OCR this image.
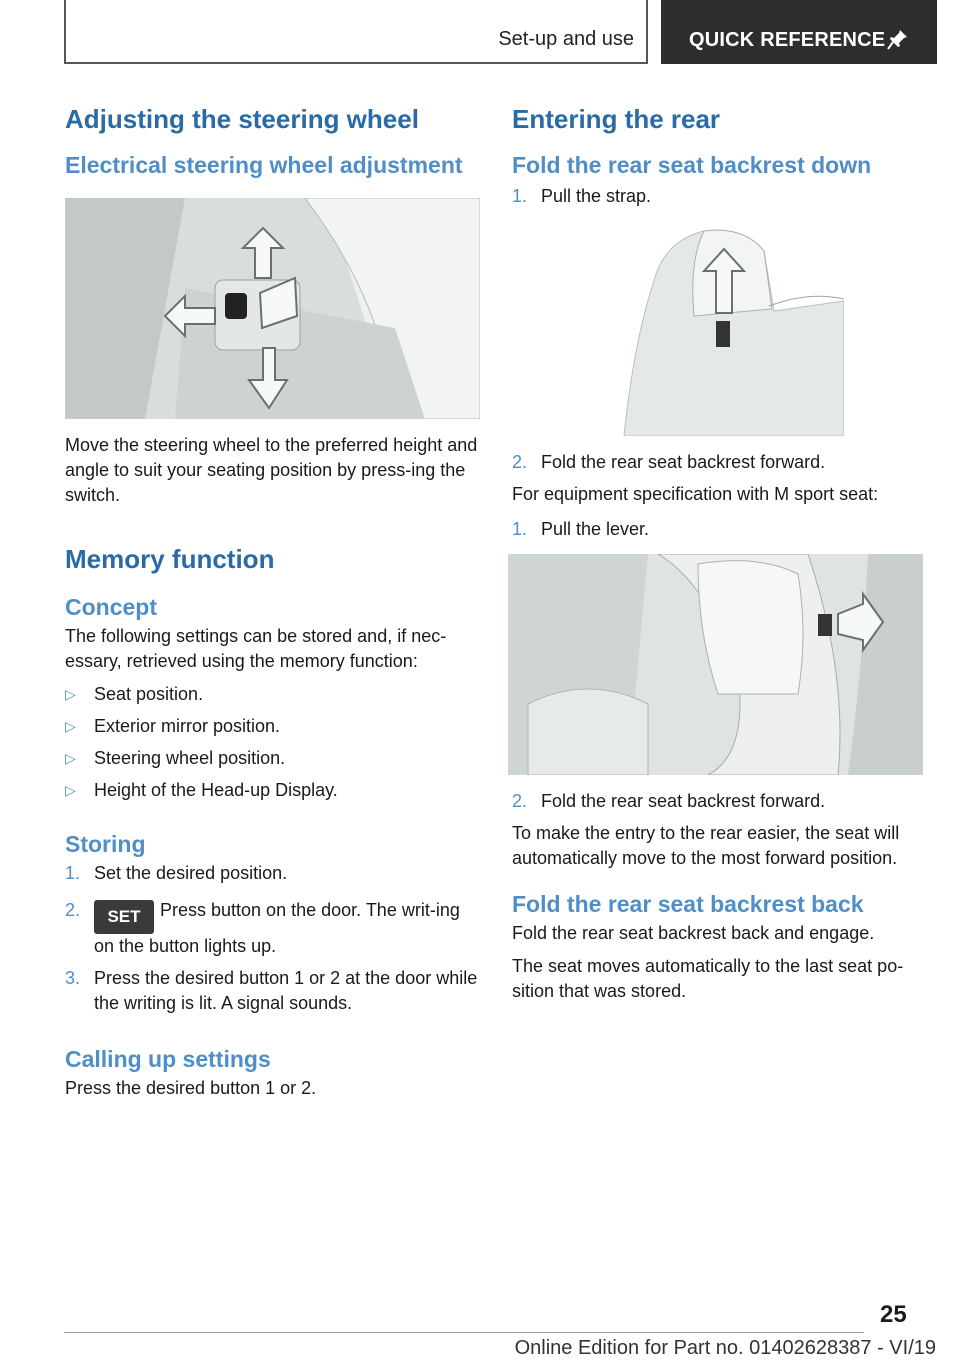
Set-up and use	QUICK REFERENCE
Adjusting the steering wheel
Electrical steering wheel adjustment

Move the steering wheel to the preferred height and angle to suit your seating position by press-ing the switch.

Memory function
Concept

The following settings can be stored and, if nec-essary, retrieved using the memory function:

▷ Seat position.
▷ Exterior mirror position.
▷ Steering wheel position.
▷ Height of the Head-up Display.
Storing
1. Set the desired position.
2. SET Press button on the door. The writ-ing on the button lights up.
3. Press the desired button 1 or 2 at the door while the writing is lit. A signal sounds.
Calling up settings

Press the desired button 1 or 2.

Entering the rear
Fold the rear seat backrest down
1. Pull the strap.
2. Fold the rear seat backrest forward.

For equipment specification with M sport seat:

1. Pull the lever.
2. Fold the rear seat backrest forward.

To make the entry to the rear easier, the seat will automatically move to the most forward position.

Fold the rear seat backrest back

Fold the rear seat backrest back and engage.

The seat moves automatically to the last seat po-sition that was stored.

25
Online Edition for Part no. 01402628387 - VI/19
